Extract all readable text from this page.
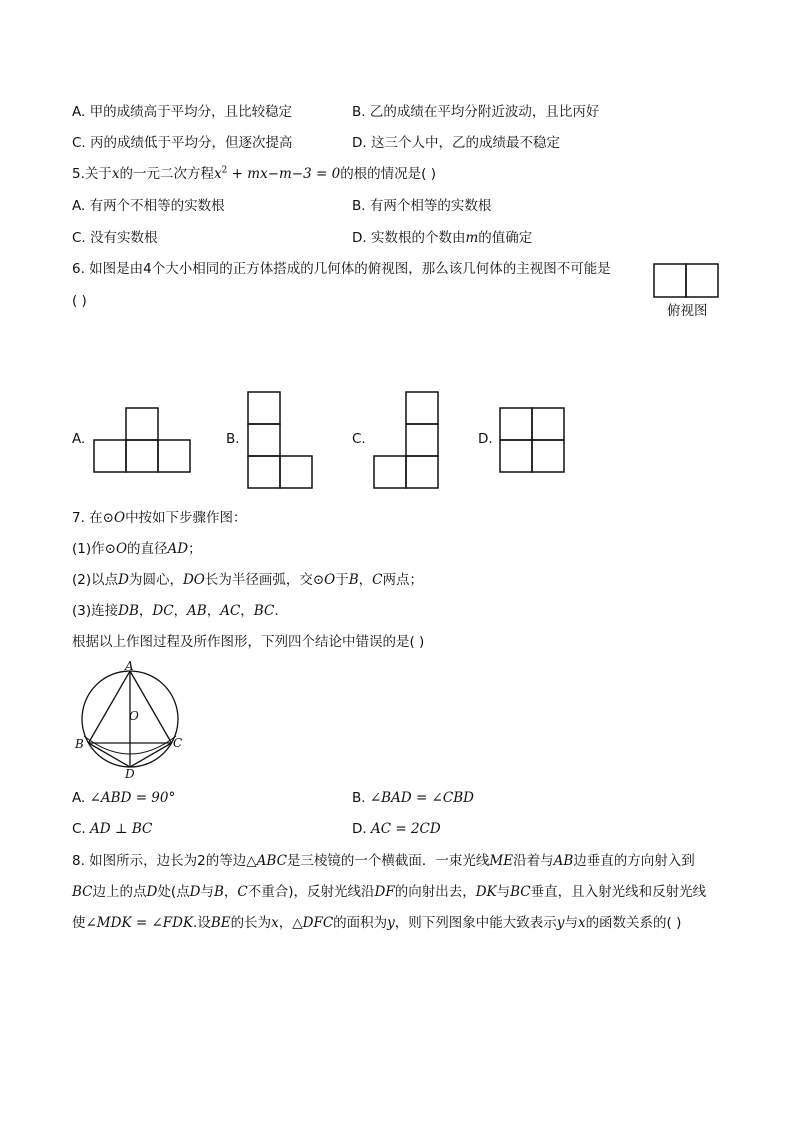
A. 甲的成绩高于平均分，且比较稳定	B. 乙的成绩在平均分附近波动，且比丙好
C. 丙的成绩低于平均分，但逐次提高	D. 这三个人中，乙的成绩最不稳定
5.关于x的一元二次方程$x^2 + mx-m-3 = 0$的根的情况是( )
A. 有两个不相等的实数根	B. 有两个相等的实数根
C. 没有实数根	D. 实数根的个数由m的值确定
6. 如图是由4个大小相同的正方体搭成的几何体的俯视图，那么该几何体的主视图不可能是
( )
俯视图
A.	B.	C.	D.
7. 在⊙O中按如下步骤作图：
(1)作⊙O的直径AD；
(2)以点D为圆心，DO长为半径画弧，交⊙O于B，C两点；
(3)连接DB，DC，AB，AC，BC.
根据以上作图过程及所作图形，下列四个结论中错误的是( )
A
O
B	C
D
A. ∠ABD = 90°	B. ∠BAD = ∠CBD
C. AD ⊥ BC	D. AC = 2CD
8. 如图所示，边长为2的等边△ABC是三棱镜的一个横截面．一束光线ME沿着与AB边垂直的方向射入到
BC边上的点D处(点D与B，C不重合)，反射光线沿DF的向射出去，DK与BC垂直，且入射光线和反射光线
使∠MDK = ∠FDK.设BE的长为x，△DFC的面积为y，则下列图象中能大致表示y与x的函数关系的( )
